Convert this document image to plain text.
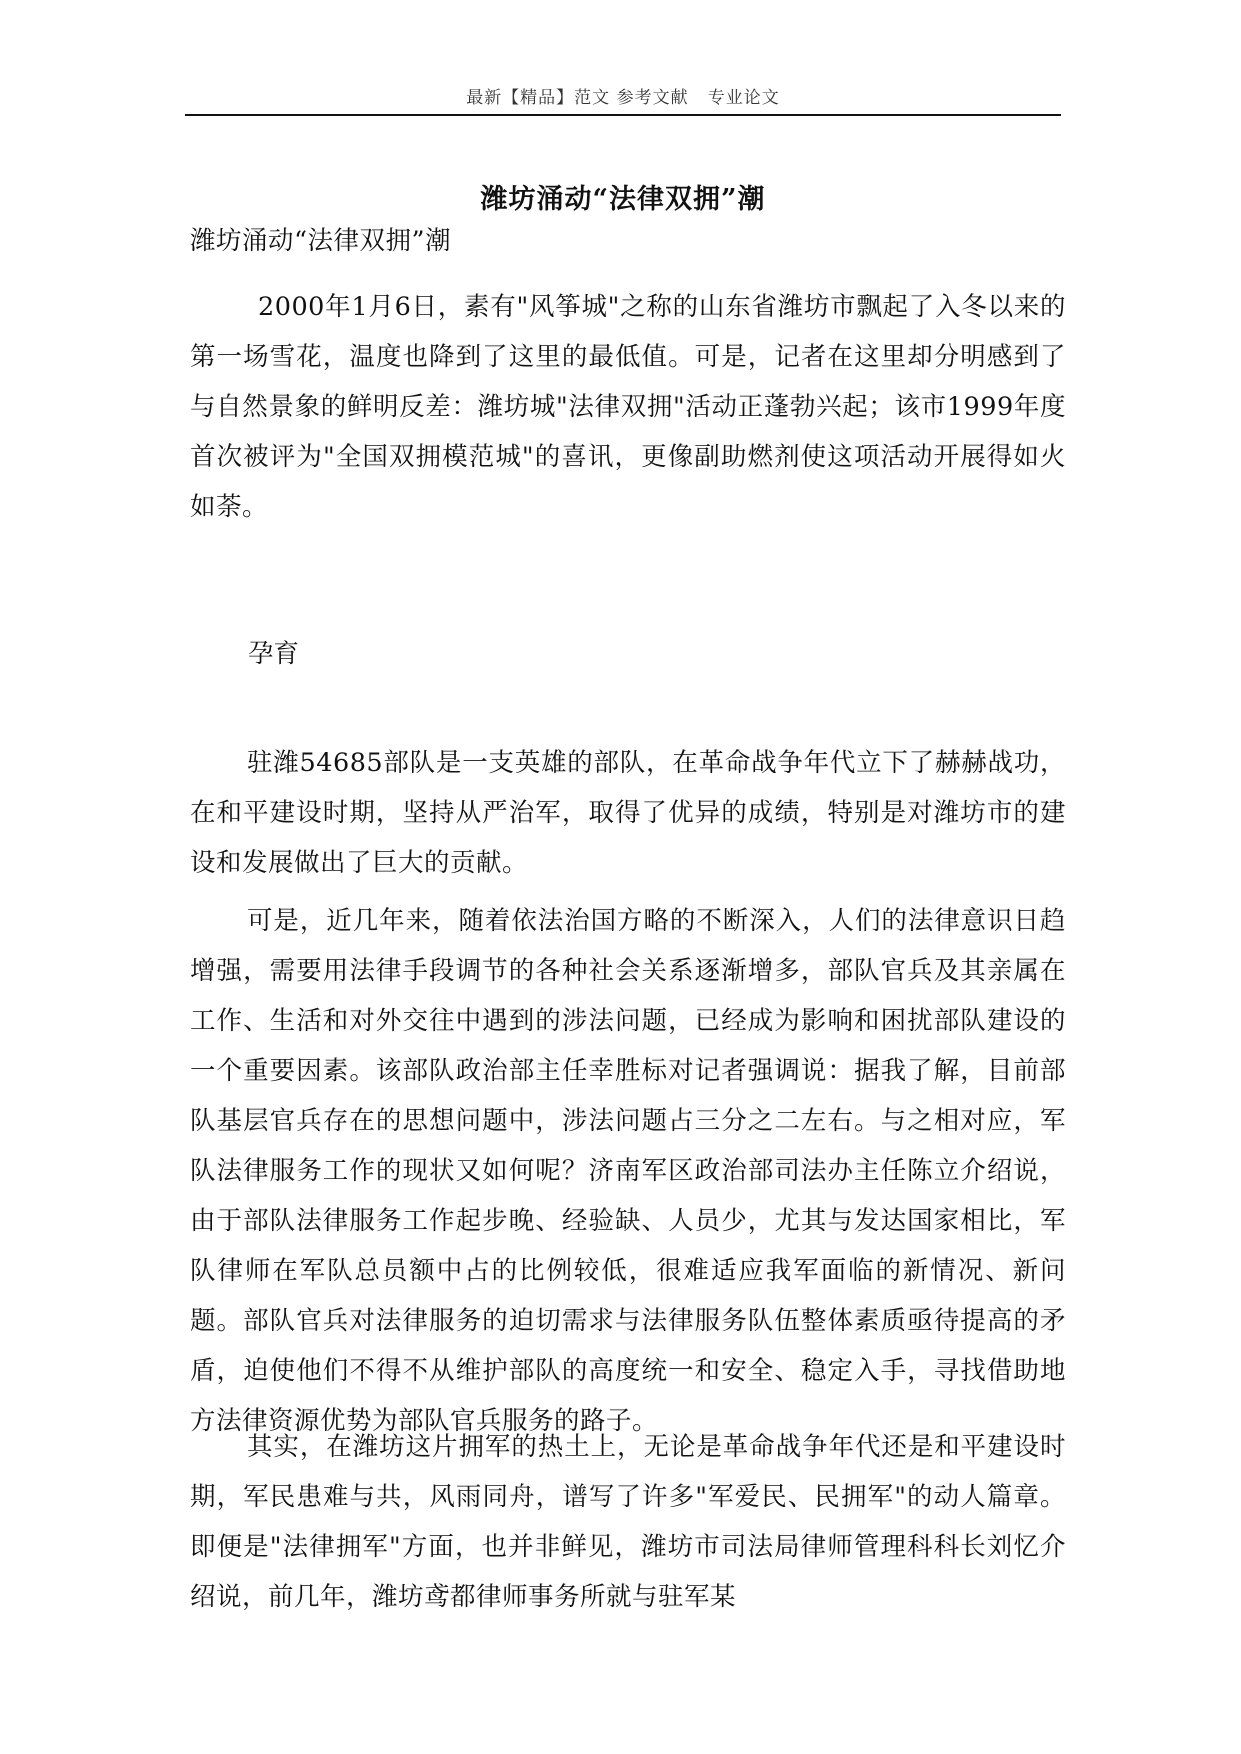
最新【精品】范文 参考文献   专业论文
潍坊涌动“法律双拥”潮

潍坊涌动“法律双拥”潮

2000年1月6日，素有"风筝城"之称的山东省潍坊市飘起了入冬以来的第一场雪花，温度也降到了这里的最低值。可是，记者在这里却分明感到了与自然景象的鲜明反差：潍坊城"法律双拥"活动正蓬勃兴起；该市1999年度首次被评为"全国双拥模范城"的喜讯，更像副助燃剂使这项活动开展得如火如荼。

孕育

驻潍54685部队是一支英雄的部队，在革命战争年代立下了赫赫战功，在和平建设时期，坚持从严治军，取得了优异的成绩，特别是对潍坊市的建设和发展做出了巨大的贡献。

可是，近几年来，随着依法治国方略的不断深入，人们的法律意识日趋增强，需要用法律手段调节的各种社会关系逐渐增多，部队官兵及其亲属在工作、生活和对外交往中遇到的涉法问题，已经成为影响和困扰部队建设的一个重要因素。该部队政治部主任幸胜标对记者强调说：据我了解，目前部队基层官兵存在的思想问题中，涉法问题占三分之二左右。与之相对应，军队法律服务工作的现状又如何呢？济南军区政治部司法办主任陈立介绍说，由于部队法律服务工作起步晚、经验缺、人员少，尤其与发达国家相比，军队律师在军队总员额中占的比例较低，很难适应我军面临的新情况、新问题。部队官兵对法律服务的迫切需求与法律服务队伍整体素质亟待提高的矛盾，迫使他们不得不从维护部队的高度统一和安全、稳定入手，寻找借助地方法律资源优势为部队官兵服务的路子。

其实，在潍坊这片拥军的热土上，无论是革命战争年代还是和平建设时期，军民患难与共，风雨同舟，谱写了许多"军爱民、民拥军"的动人篇章。即便是"法律拥军"方面，也并非鲜见，潍坊市司法局律师管理科科长刘忆介绍说，前几年，潍坊鸢都律师事务所就与驻军某
